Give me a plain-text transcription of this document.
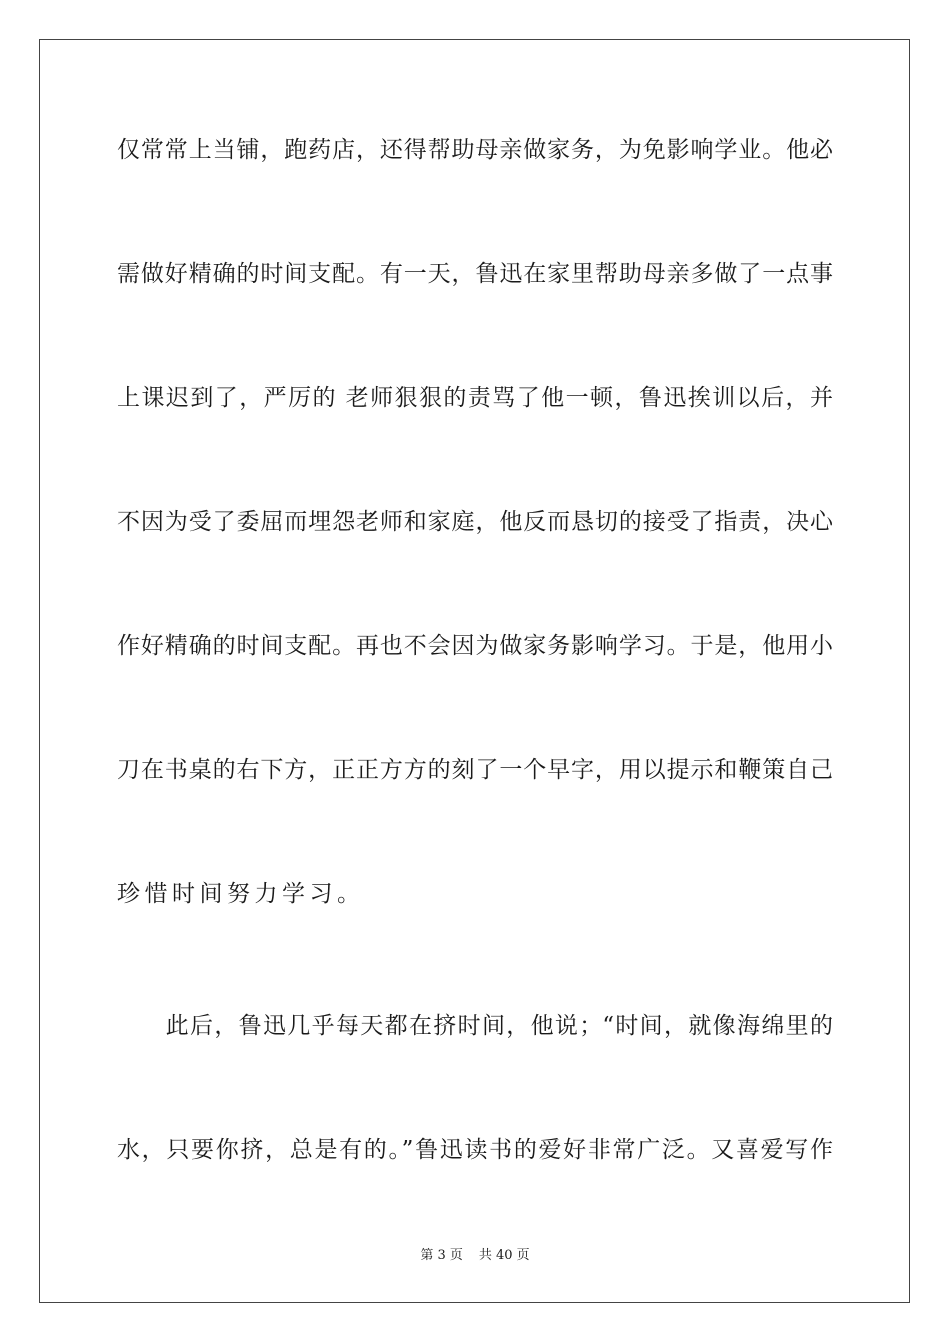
仅常常上当铺，跑药店，还得帮助母亲做家务，为免影响学业。他必
需做好精确的时间支配。有一天，鲁迅在家里帮助母亲多做了一点事
上课迟到了，严厉的 老师狠狠的责骂了他一顿，鲁迅挨训以后，并
不因为受了委屈而埋怨老师和家庭，他反而恳切的接受了指责，决心
作好精确的时间支配。再也不会因为做家务影响学习。于是，他用小
刀在书桌的右下方，正正方方的刻了一个早字，用以提示和鞭策自己
珍惜时间努力学习。
　　此后，鲁迅几乎每天都在挤时间，他说；“时间，就像海绵里的
水，只要你挤，总是有的。”鲁迅读书的爱好非常广泛。又喜爱写作
第 3 页 共 40 页
